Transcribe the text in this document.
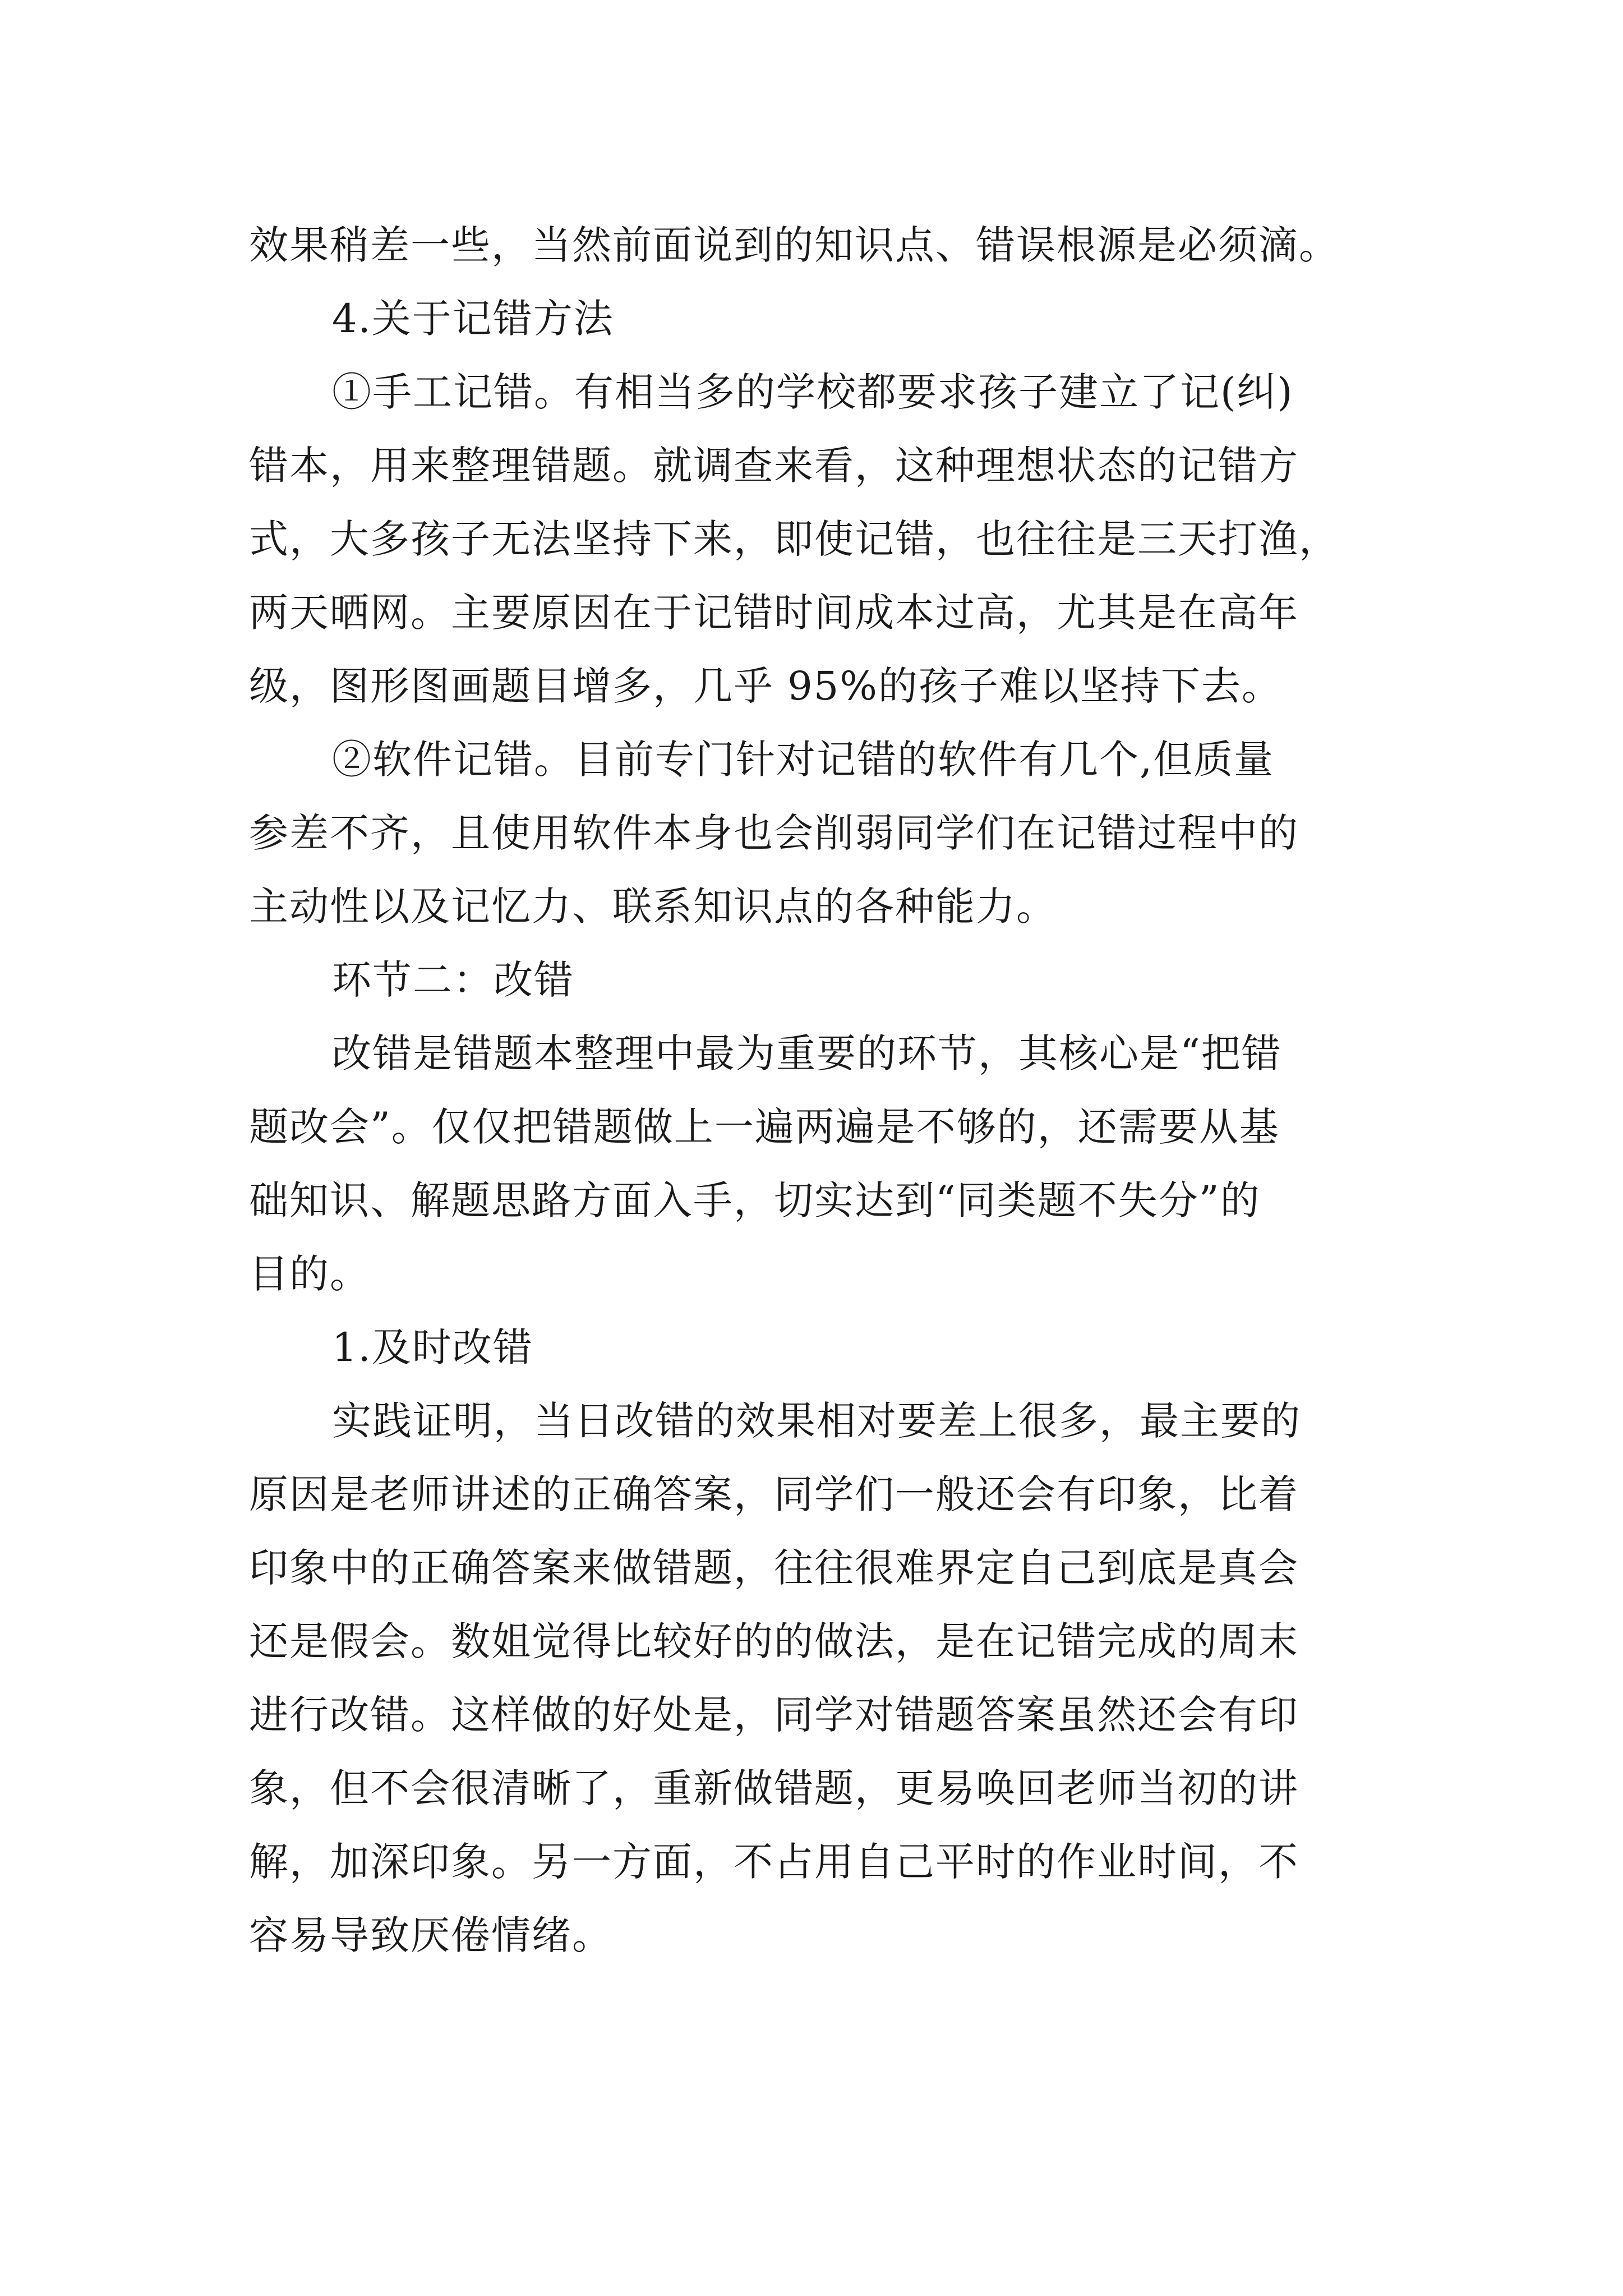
效果稍差一些，当然前面说到的知识点、错误根源是必须滴。
4.关于记错方法
①手工记错。有相当多的学校都要求孩子建立了记(纠)
错本，用来整理错题。就调查来看，这种理想状态的记错方
式，大多孩子无法坚持下来，即使记错，也往往是三天打渔，
两天晒网。主要原因在于记错时间成本过高，尤其是在高年
级，图形图画题目增多，几乎 95%的孩子难以坚持下去。
②软件记错。目前专门针对记错的软件有几个,但质量
参差不齐，且使用软件本身也会削弱同学们在记错过程中的
主动性以及记忆力、联系知识点的各种能力。
环节二：改错
改错是错题本整理中最为重要的环节，其核心是“把错
题改会”。仅仅把错题做上一遍两遍是不够的，还需要从基
础知识、解题思路方面入手，切实达到“同类题不失分”的
目的。
1.及时改错
实践证明，当日改错的效果相对要差上很多，最主要的
原因是老师讲述的正确答案，同学们一般还会有印象，比着
印象中的正确答案来做错题，往往很难界定自己到底是真会
还是假会。数姐觉得比较好的的做法，是在记错完成的周末
进行改错。这样做的好处是，同学对错题答案虽然还会有印
象，但不会很清晰了，重新做错题，更易唤回老师当初的讲
解，加深印象。另一方面，不占用自己平时的作业时间，不
容易导致厌倦情绪。
